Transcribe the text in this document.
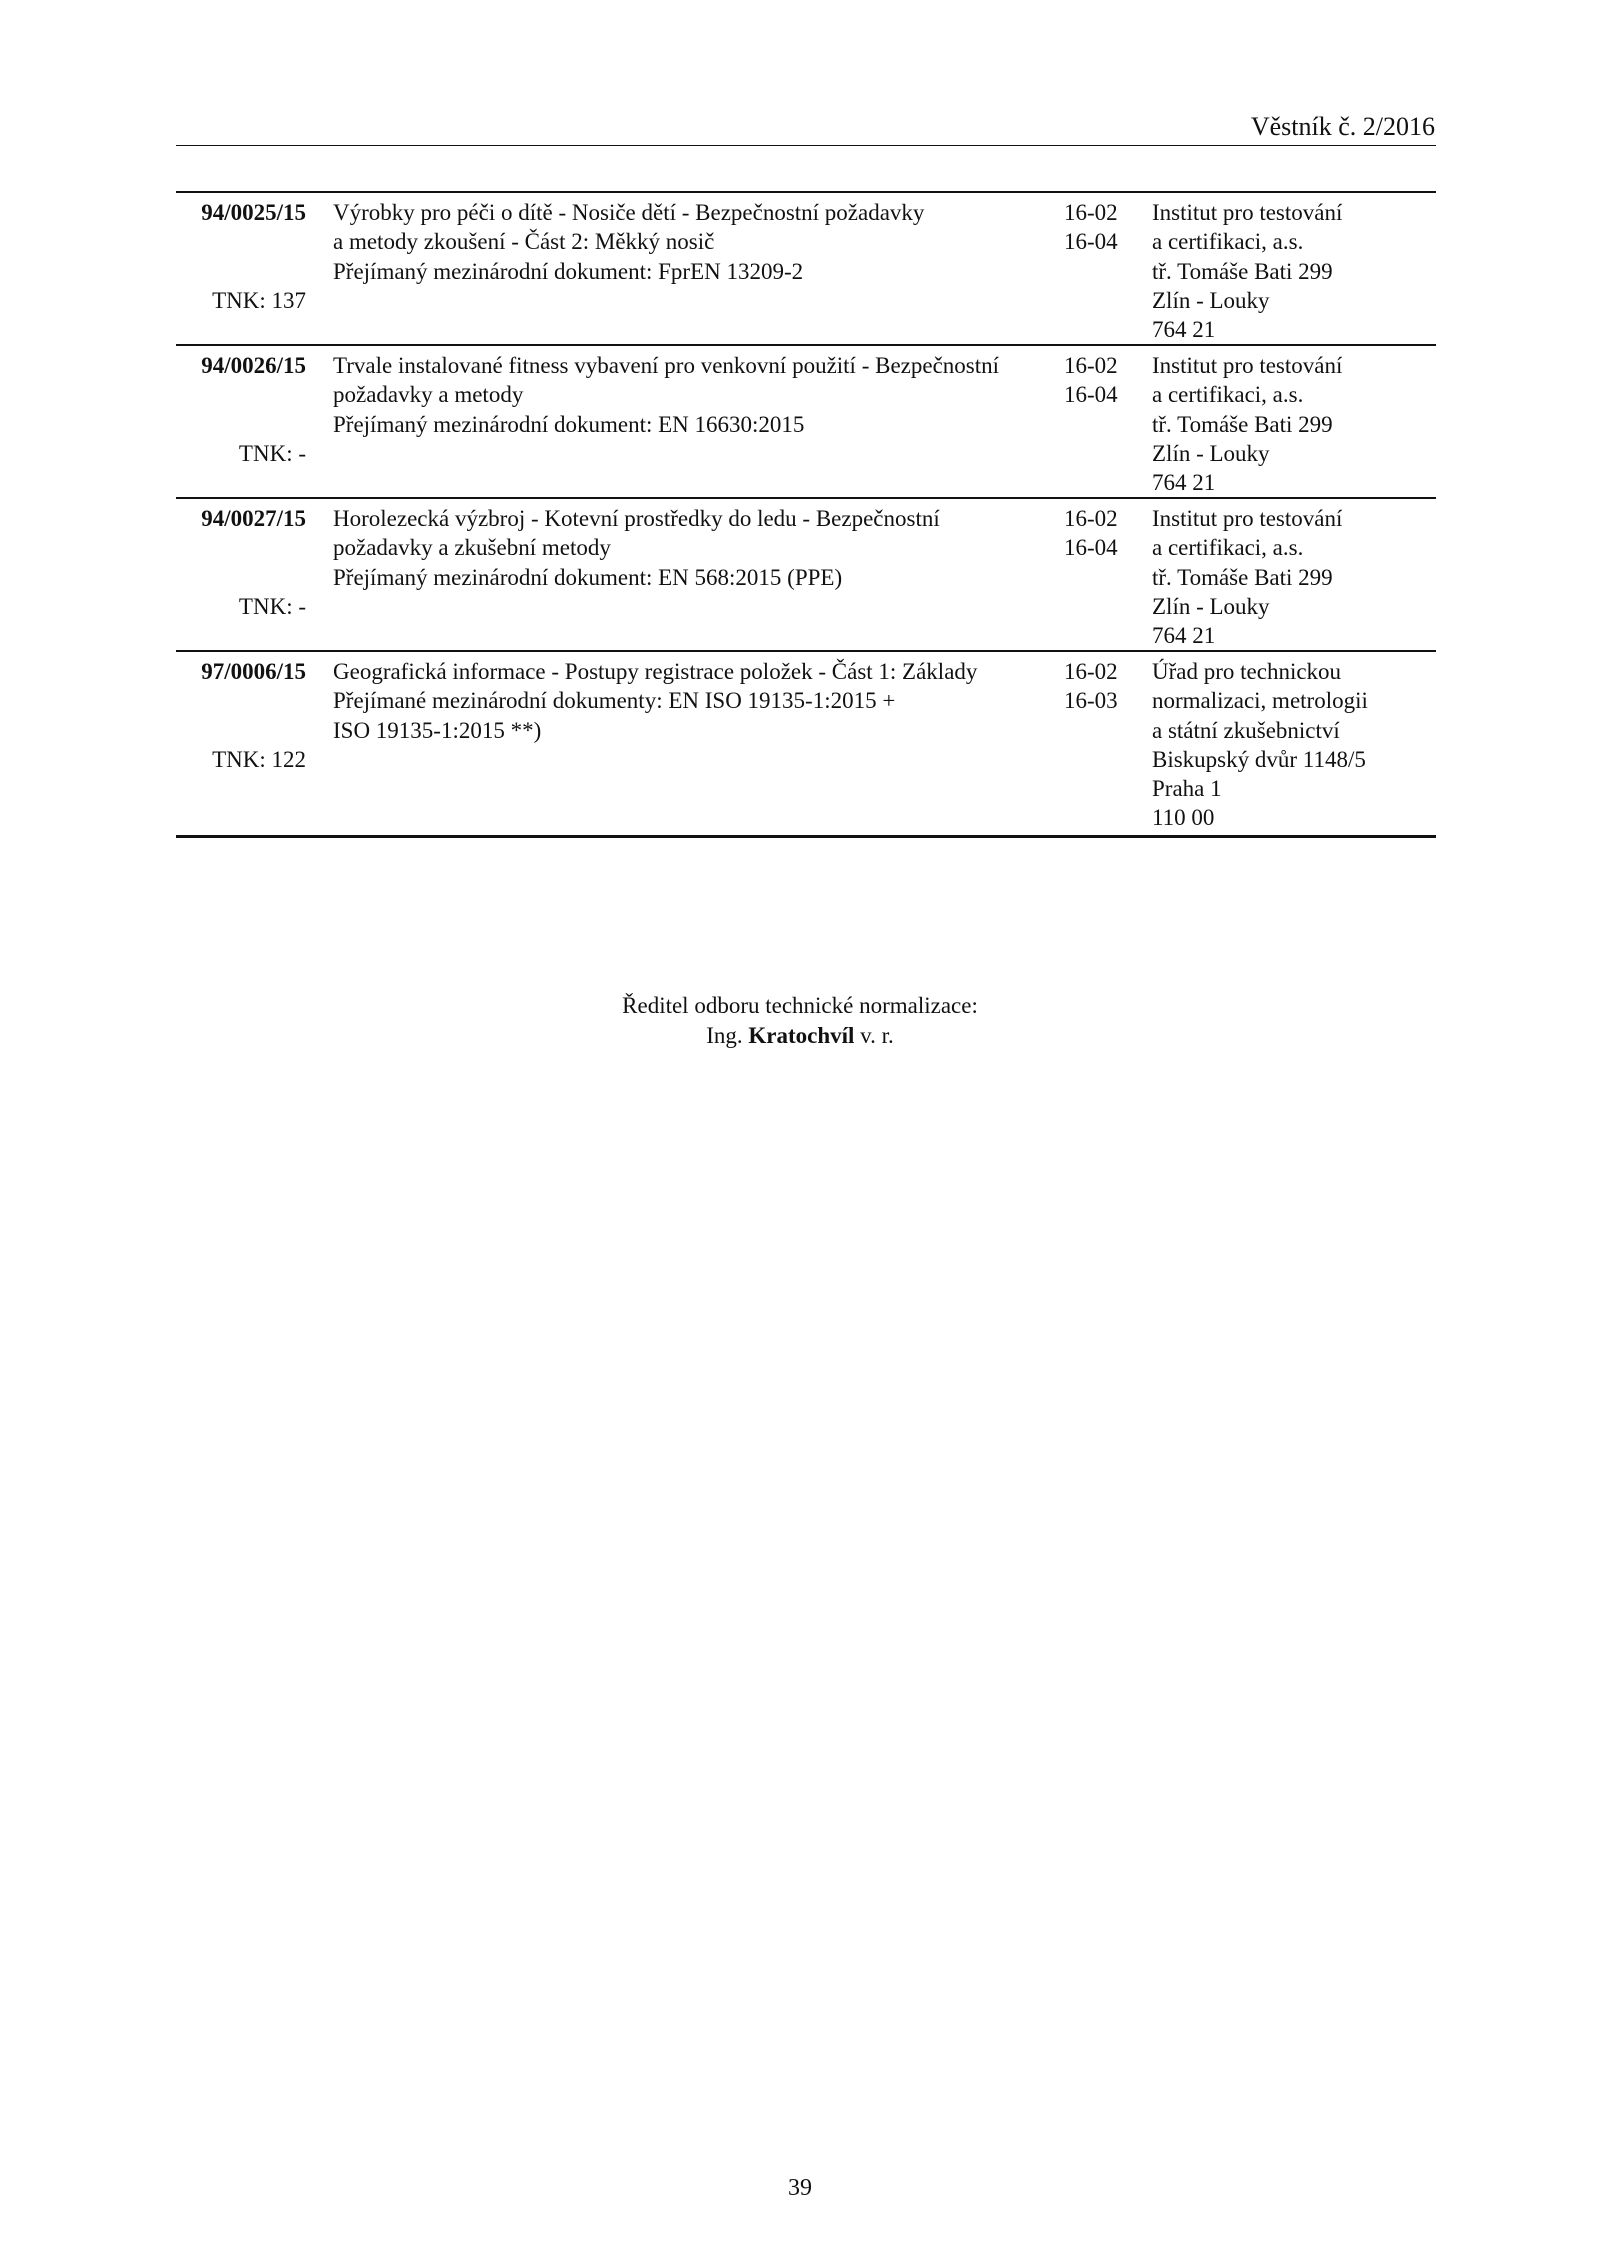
Věstník č. 2/2016
94/0025/15
TNK: 137
Výrobky pro péči o dítě - Nosiče dětí - Bezpečnostní požadavky
a metody zkoušení - Část 2: Měkký nosič
Přejímaný mezinárodní dokument: FprEN 13209-2
16-02
16-04
Institut pro testování
a certifikaci, a.s.
tř. Tomáše Bati 299
Zlín - Louky
764 21
94/0026/15
TNK: -
Trvale instalované fitness vybavení pro venkovní použití - Bezpečnostní
požadavky a metody
Přejímaný mezinárodní dokument: EN 16630:2015
16-02
16-04
Institut pro testování
a certifikaci, a.s.
tř. Tomáše Bati 299
Zlín - Louky
764 21
94/0027/15
TNK: -
Horolezecká výzbroj - Kotevní prostředky do ledu - Bezpečnostní
požadavky a zkušební metody
Přejímaný mezinárodní dokument: EN 568:2015 (PPE)
16-02
16-04
Institut pro testování
a certifikaci, a.s.
tř. Tomáše Bati 299
Zlín - Louky
764 21
97/0006/15
TNK: 122
Geografická informace - Postupy registrace položek - Část 1: Základy
Přejímané mezinárodní dokumenty: EN ISO 19135-1:2015 +
ISO 19135-1:2015 **)
16-02
16-03
Úřad pro technickou
normalizaci, metrologii
a státní zkušebnictví
Biskupský dvůr 1148/5
Praha 1
110 00
Ředitel odboru technické normalizace:
Ing. Kratochvíl v. r.
39
